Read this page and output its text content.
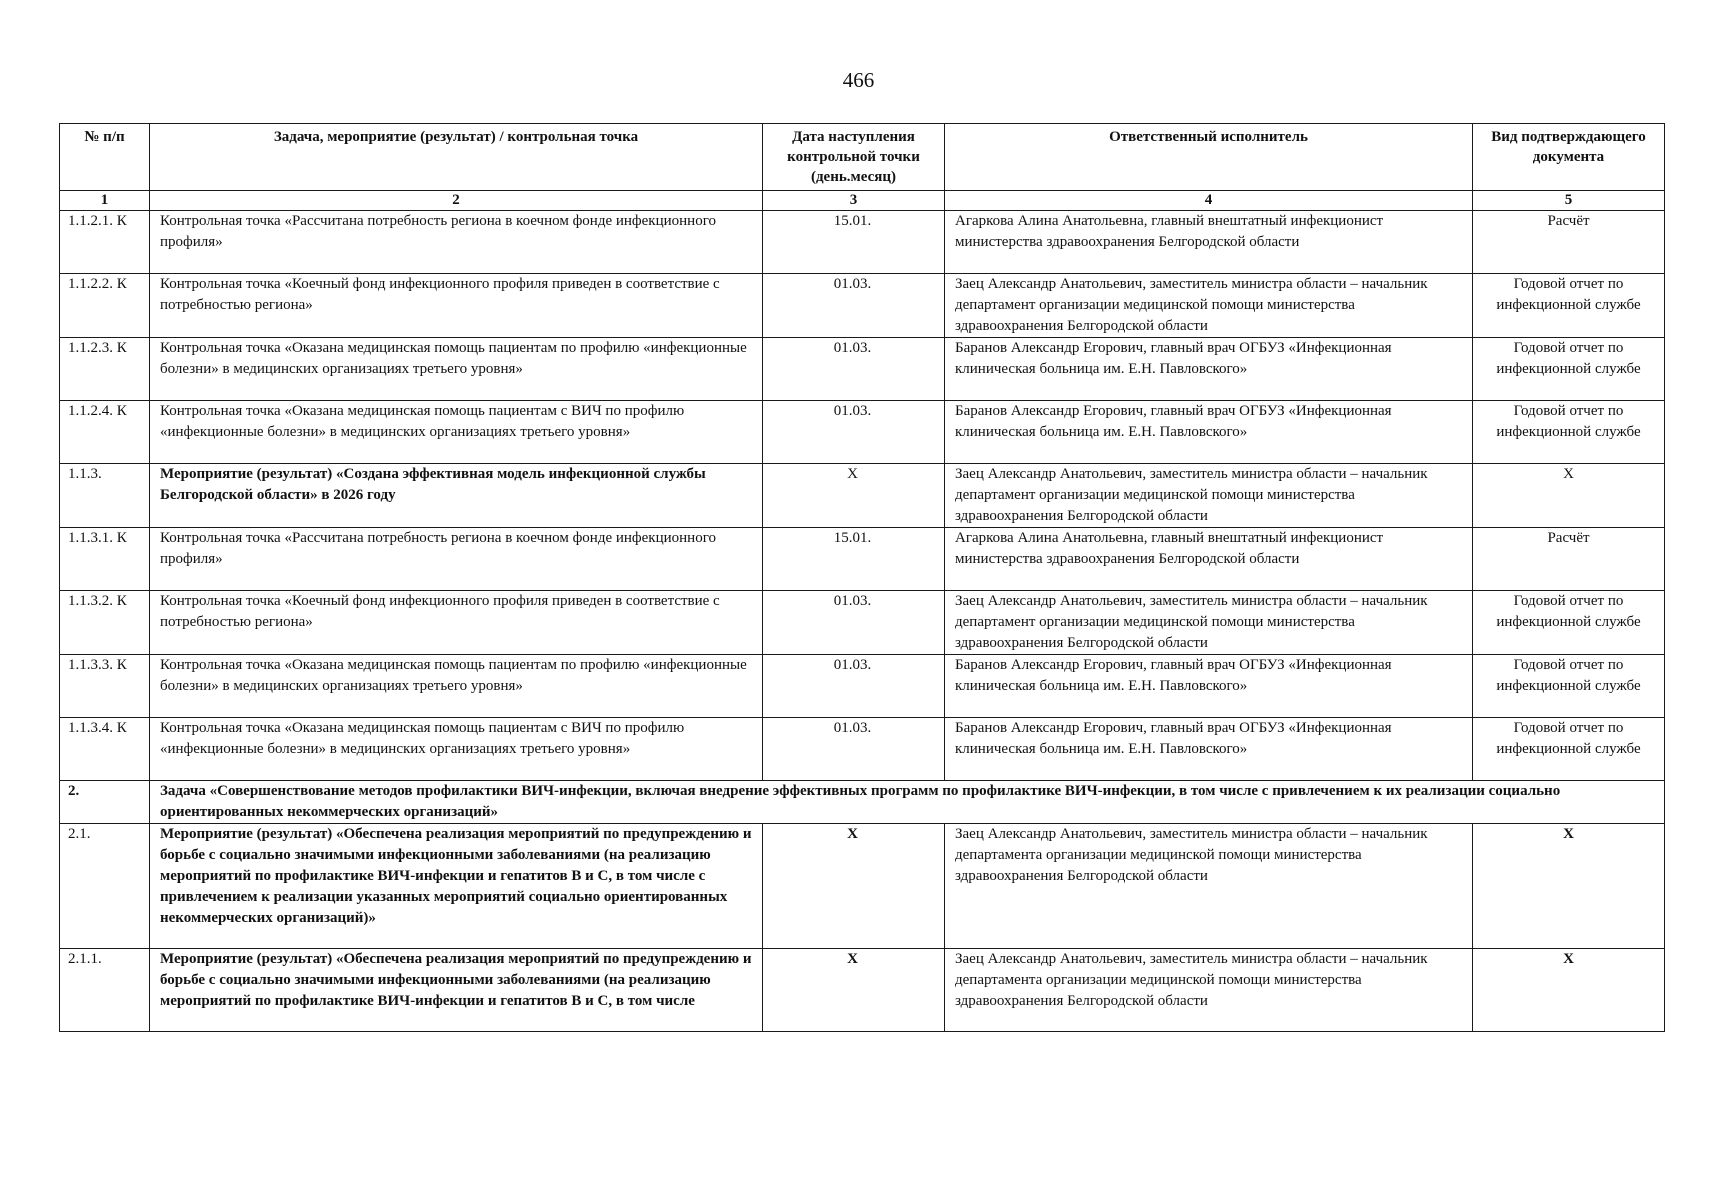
466
№ п/п	Задача, мероприятие (результат) / контрольная точка	Дата наступления контрольной точки (день.месяц)	Ответственный исполнитель	Вид подтверждающего документа
1	2	3	4	5
1.1.2.1. К	Контрольная точка «Рассчитана потребность региона в коечном фонде инфекционного профиля»	15.01.	Агаркова Алина Анатольевна, главный внештатный инфекционист министерства здравоохранения Белгородской области	Расчёт
1.1.2.2. К	Контрольная точка «Коечный фонд инфекционного профиля приведен в соответствие с потребностью региона»	01.03.	Заец Александр Анатольевич, заместитель министра области – начальник департамент организации медицинской помощи министерства здравоохранения Белгородской области	Годовой отчет по инфекционной службе
1.1.2.3. К	Контрольная точка «Оказана медицинская помощь пациентам по профилю «инфекционные болезни» в медицинских организациях третьего уровня»	01.03.	Баранов Александр Егорович, главный врач ОГБУЗ «Инфекционная клиническая больница им. Е.Н. Павловского»	Годовой отчет по инфекционной службе
1.1.2.4. К	Контрольная точка «Оказана медицинская помощь пациентам с ВИЧ по профилю «инфекционные болезни» в медицинских организациях третьего уровня»	01.03.	Баранов Александр Егорович, главный врач ОГБУЗ «Инфекционная клиническая больница им. Е.Н. Павловского»	Годовой отчет по инфекционной службе
1.1.3.	Мероприятие (результат) «Создана эффективная модель инфекционной службы Белгородской области» в 2026 году	X	Заец Александр Анатольевич, заместитель министра области – начальник департамент организации медицинской помощи министерства здравоохранения Белгородской области	X
1.1.3.1. К	Контрольная точка «Рассчитана потребность региона в коечном фонде инфекционного профиля»	15.01.	Агаркова Алина Анатольевна, главный внештатный инфекционист министерства здравоохранения Белгородской области	Расчёт
1.1.3.2. К	Контрольная точка «Коечный фонд инфекционного профиля приведен в соответствие с потребностью региона»	01.03.	Заец Александр Анатольевич, заместитель министра области – начальник департамент организации медицинской помощи министерства здравоохранения Белгородской области	Годовой отчет по инфекционной службе
1.1.3.3. К	Контрольная точка «Оказана медицинская помощь пациентам по профилю «инфекционные болезни» в медицинских организациях третьего уровня»	01.03.	Баранов Александр Егорович, главный врач ОГБУЗ «Инфекционная клиническая больница им. Е.Н. Павловского»	Годовой отчет по инфекционной службе
1.1.3.4. К	Контрольная точка «Оказана медицинская помощь пациентам с ВИЧ по профилю «инфекционные болезни» в медицинских организациях третьего уровня»	01.03.	Баранов Александр Егорович, главный врач ОГБУЗ «Инфекционная клиническая больница им. Е.Н. Павловского»	Годовой отчет по инфекционной службе
2.	Задача «Совершенствование методов профилактики ВИЧ-инфекции, включая внедрение эффективных программ по профилактике ВИЧ-инфекции, в том числе с привлечением к их реализации социально ориентированных некоммерческих организаций»			
2.1.	Мероприятие (результат) «Обеспечена реализация мероприятий по предупреждению и борьбе с социально значимыми инфекционными заболеваниями (на реализацию мероприятий по профилактике ВИЧ-инфекции и гепатитов В и С, в том числе с привлечением к реализации указанных мероприятий социально ориентированных некоммерческих организаций)»	X	Заец Александр Анатольевич, заместитель министра области – начальник департамента организации медицинской помощи министерства здравоохранения Белгородской области	X
2.1.1.	Мероприятие (результат) «Обеспечена реализация мероприятий по предупреждению и борьбе с социально значимыми инфекционными заболеваниями (на реализацию мероприятий по профилактике ВИЧ-инфекции и гепатитов В и С, в том числе	X	Заец Александр Анатольевич, заместитель министра области – начальник департамента организации медицинской помощи министерства здравоохранения Белгородской области	X
